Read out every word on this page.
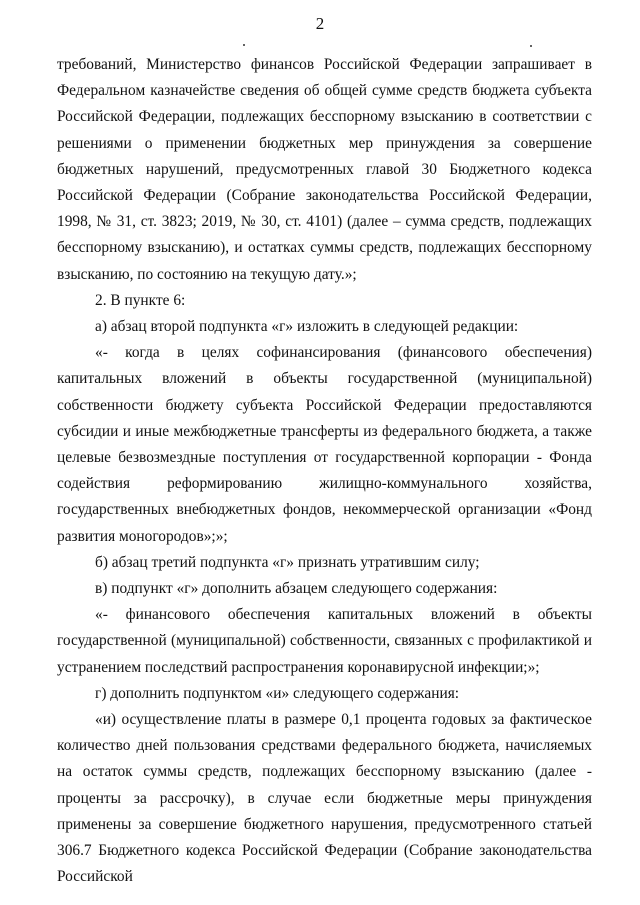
2

требований, Министерство финансов Российской Федерации запрашивает в Федеральном казначействе сведения об общей сумме средств бюджета субъекта Российской Федерации, подлежащих бесспорному взысканию в соответствии с решениями о применении бюджетных мер принуждения за совершение бюджетных нарушений, предусмотренных главой 30 Бюджетного кодекса Российской Федерации (Собрание законодательства Российской Федерации, 1998, № 31, ст. 3823; 2019, № 30, ст. 4101) (далее – сумма средств, подлежащих бесспорному взысканию), и остатках суммы средств, подлежащих бесспорному взысканию, по состоянию на текущую дату.»;

2. В пункте 6:

а) абзац второй подпункта «г» изложить в следующей редакции:

«- когда в целях софинансирования (финансового обеспечения) капитальных вложений в объекты государственной (муниципальной) собственности бюджету субъекта Российской Федерации предоставляются субсидии и иные межбюджетные трансферты из федерального бюджета, а также целевые безвозмездные поступления от государственной корпорации - Фонда содействия реформированию жилищно-коммунального хозяйства, государственных внебюджетных фондов, некоммерческой организации «Фонд развития моногородов»;»;

б) абзац третий подпункта «г» признать утратившим силу;

в) подпункт «г» дополнить абзацем следующего содержания:

«- финансового обеспечения капитальных вложений в объекты государственной (муниципальной) собственности, связанных с профилактикой и устранением последствий распространения коронавирусной инфекции;»;

г) дополнить подпунктом «и» следующего содержания:

«и) осуществление платы в размере 0,1 процента годовых за фактическое количество дней пользования средствами федерального бюджета, начисляемых на остаток суммы средств, подлежащих бесспорному взысканию (далее - проценты за рассрочку), в случае если бюджетные меры принуждения применены за совершение бюджетного нарушения, предусмотренного статьей 306.7 Бюджетного кодекса Российской Федерации (Собрание законодательства Российской
